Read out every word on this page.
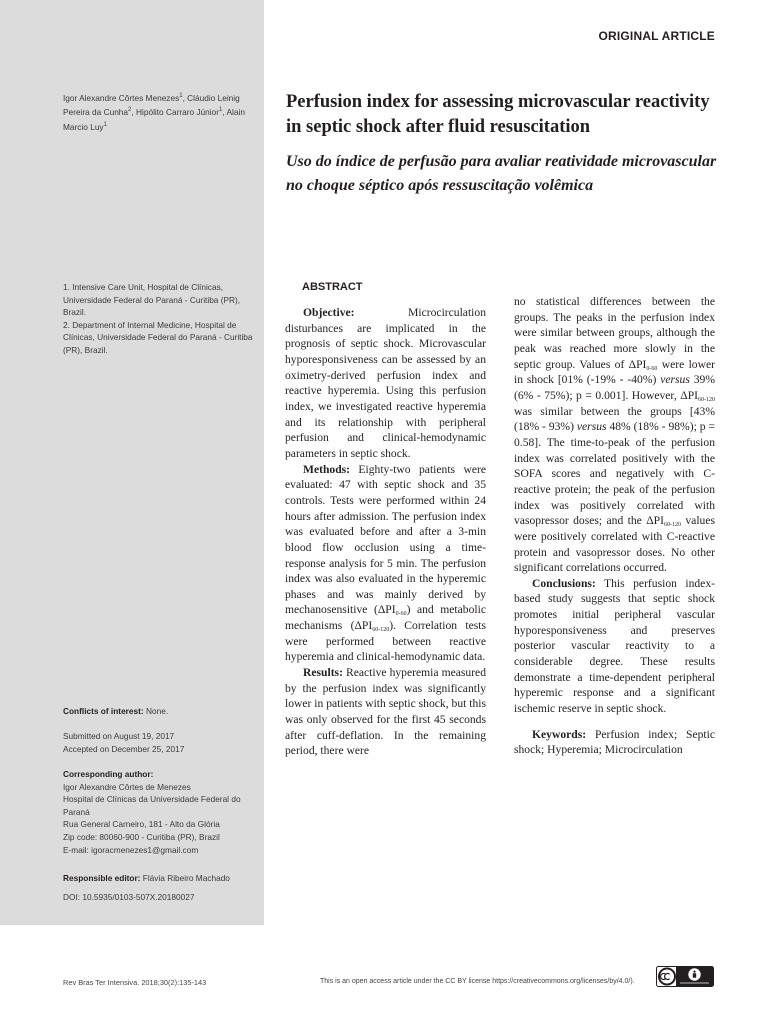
Igor Alexandre Côrtes Menezes$^1$, Cláudio Leinig Pereira da Cunha$^2$, Hipólito Carraro Júnior$^1$, Alain Marcio Luy$^1$

1. Intensive Care Unit, Hospital de Clínicas, Universidade Federal do Paraná - Curitiba (PR), Brazil.

2. Department of Internal Medicine, Hospital de Clínicas, Universidade Federal do Paraná - Curitiba (PR), Brazil.

Conflicts of interest: None.

Submitted on August 19, 2017

Accepted on December 25, 2017

Corresponding author:

Igor Alexandre Côrtes de Menezes

Hospital de Clínicas da Universidade Federal do Paraná

Rua General Carneiro, 181 - Alto da Glória

Zip code: 80060-900 - Curitiba (PR), Brazil

E-mail: igoracmenezes1@gmail.com

Responsible editor: Flávia Ribeiro Machado

DOI: 10.5935/0103-507X.20180027

ORIGINAL ARTICLE
Perfusion index for assessing microvascular reactivity in septic shock after fluid resuscitation
Uso do índice de perfusão para avaliar reatividade microvascular no choque séptico após ressuscitação volêmica
ABSTRACT

Objective: Microcirculation disturbances are implicated in the prognosis of septic shock. Microvascular hyporesponsiveness can be assessed by an oximetry-derived perfusion index and reactive hyperemia. Using this perfusion index, we investigated reactive hyperemia and its relationship with peripheral perfusion and clinical-hemodynamic parameters in septic shock.

Methods: Eighty-two patients were evaluated: 47 with septic shock and 35 controls. Tests were performed within 24 hours after admission. The perfusion index was evaluated before and after a 3-min blood flow occlusion using a time-response analysis for 5 min. The perfusion index was also evaluated in the hyperemic phases and was mainly derived by mechanosensitive $(\Delta PI_{0-60})$ and metabolic mechanisms $(\Delta PI_{60-120})$. Correlation tests were performed between reactive hyperemia and clinical-hemodynamic data.

Results: Reactive hyperemia measured by the perfusion index was significantly lower in patients with septic shock, but this was only observed for the first 45 seconds after cuff-deflation. In the remaining period, there were

no statistical differences between the groups. The peaks in the perfusion index were similar between groups, although the peak was reached more slowly in the septic group. Values of $\Delta PI_{0-60}$ were lower in shock [01% (-19% - -40%) versus 39% (6% - 75%); p = 0.001]. However, $\Delta PI_{60-120}$ was similar between the groups [43% (18% - 93%) versus 48% (18% - 98%); p = 0.58]. The time-to-peak of the perfusion index was correlated positively with the SOFA scores and negatively with C-reactive protein; the peak of the perfusion index was positively correlated with vasopressor doses; and the $\Delta PI_{60-120}$ values were positively correlated with C-reactive protein and vasopressor doses. No other significant correlations occurred.

Conclusions: This perfusion index-based study suggests that septic shock promotes initial peripheral vascular hyporesponsiveness and preserves posterior vascular reactivity to a considerable degree. These results demonstrate a time-dependent peripheral hyperemic response and a significant ischemic reserve in septic shock.

Keywords: Perfusion index; Septic shock; Hyperemia; Microcirculation

Rev Bras Ter Intensiva. 2018;30(2):135-143	This is an open access article under the CC BY license https://creativecommons.org/licenses/by/4.0/).
